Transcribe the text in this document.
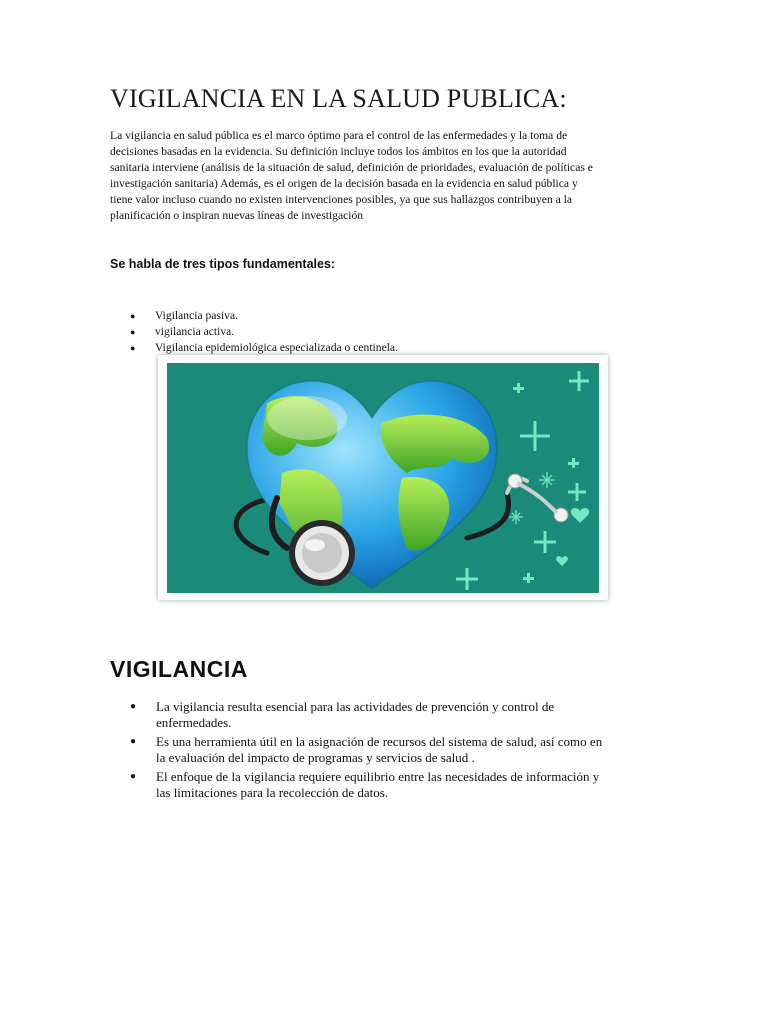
VIGILANCIA EN LA SALUD PUBLICA:

La vigilancia en salud pública es el marco óptimo para el control de las enfermedades y la toma de
decisiones basadas en la evidencia. Su definición incluye todos los ámbitos en los que la autoridad
sanitaria interviene (análisis de la situación de salud, definición de prioridades, evaluación de políticas e
investigación sanitaria) Además, es el origen de la decisión basada en la evidencia en salud pública y
tiene valor incluso cuando no existen intervenciones posibles, ya que sus hallazgos contribuyen a la
planificación o inspiran nuevas líneas de investigación

Se habla de tres tipos fundamentales:
● Vigilancia pasiva.
● vigilancia activa.
● Vigilancia epidemiológica especializada o centinela.
VIGILANCIA
● La vigilancia resulta esencial para las actividades de prevención y control de
enfermedades.
● Es una herramienta útil en la asignación de recursos del sistema de salud, así como en
la evaluación del impacto de programas y servicios de salud .
● El enfoque de la vigilancia requiere equilibrio entre las necesidades de información y
las limitaciones para la recolección de datos.
